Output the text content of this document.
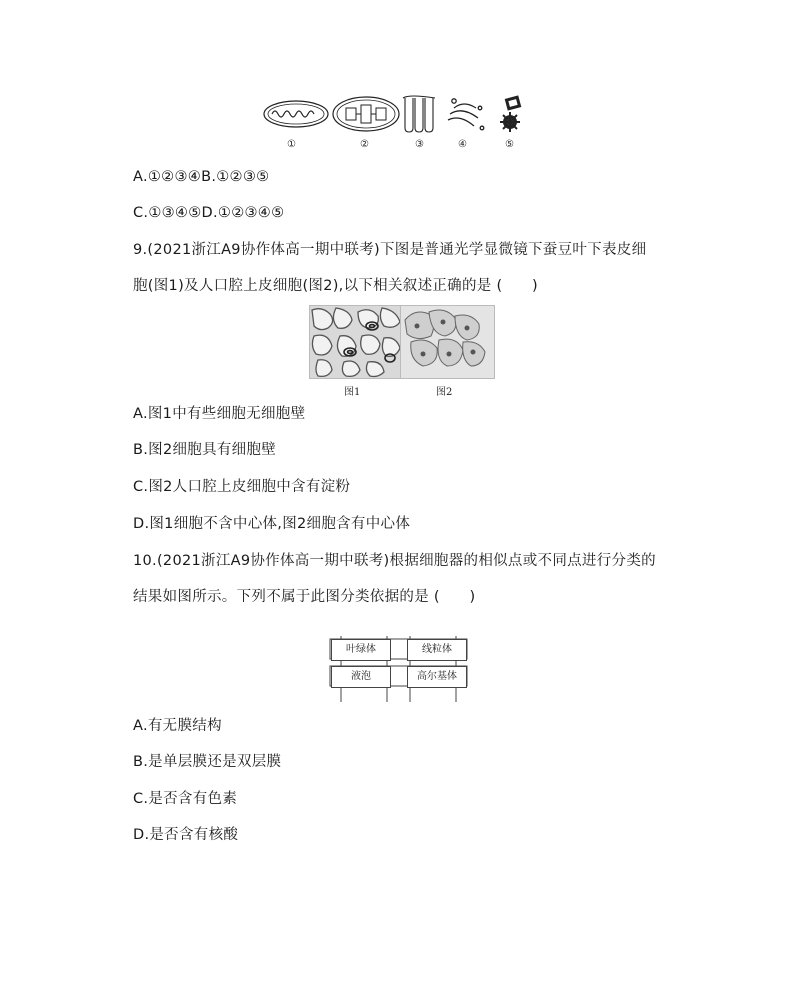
①	②	③	④	⑤
A.①②③④B.①②③⑤
C.①③④⑤D.①②③④⑤
9.(2021浙江A9协作体高一期中联考)下图是普通光学显微镜下蚕豆叶下表皮细
胞(图1)及人口腔上皮细胞(图2),以下相关叙述正确的是 (　　)
图1	图2
A.图1中有些细胞无细胞壁
B.图2细胞具有细胞壁
C.图2人口腔上皮细胞中含有淀粉
D.图1细胞不含中心体,图2细胞含有中心体
10.(2021浙江A9协作体高一期中联考)根据细胞器的相似点或不同点进行分类的
结果如图所示。下列不属于此图分类依据的是 (　　)
叶绿体	线粒体
液泡	高尔基体
A.有无膜结构
B.是单层膜还是双层膜
C.是否含有色素
D.是否含有核酸
